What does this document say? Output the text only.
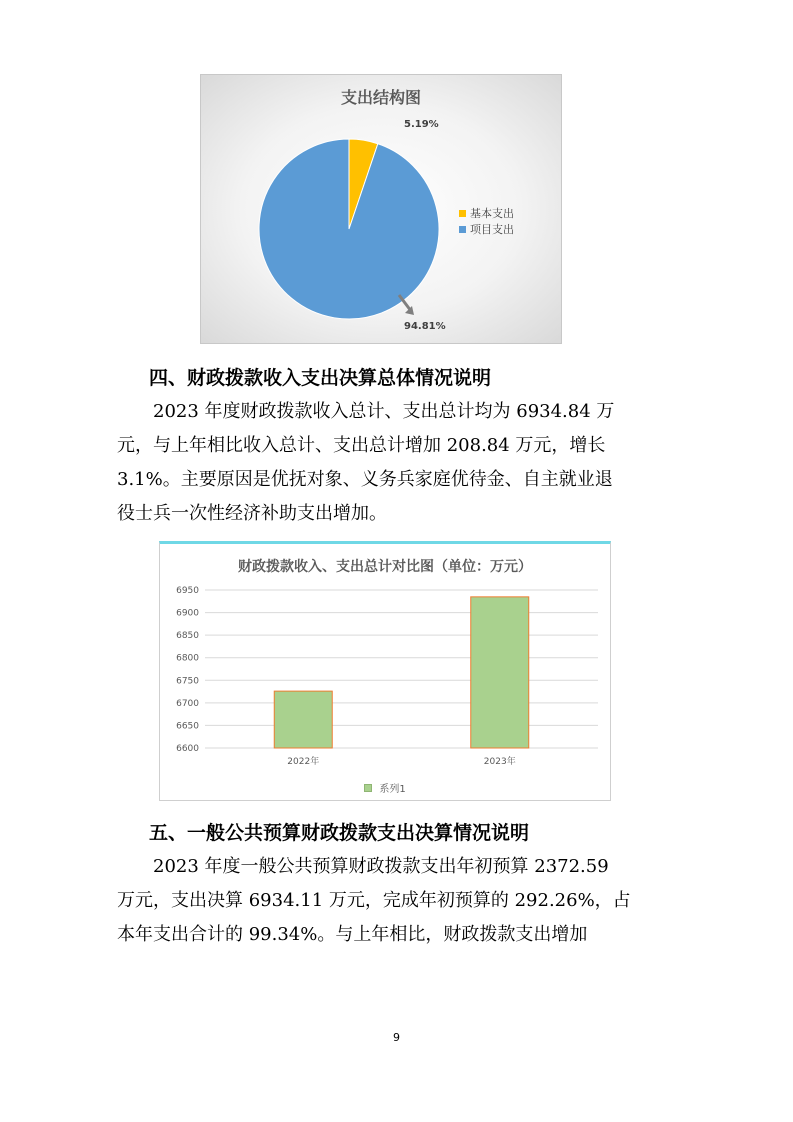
支出结构图
5.19%
94.81%
基本支出
项目支出
四、财政拨款收入支出决算总体情况说明

2023 年度财政拨款收入总计、支出总计均为 6934.84 万

元，与上年相比收入总计、支出总计增加 208.84 万元，增长

3.1%。主要原因是优抚对象、义务兵家庭优待金、自主就业退

役士兵一次性经济补助支出增加。

财政拨款收入、支出总计对比图（单位：万元）
6600
6650
6700
6750
6800
6850
6900
6950
2022年	2023年
系列1
五、一般公共预算财政拨款支出决算情况说明

2023 年度一般公共预算财政拨款支出年初预算 2372.59

万元，支出决算 6934.11 万元，完成年初预算的 292.26%，占

本年支出合计的 99.34%。与上年相比，财政拨款支出增加

9
